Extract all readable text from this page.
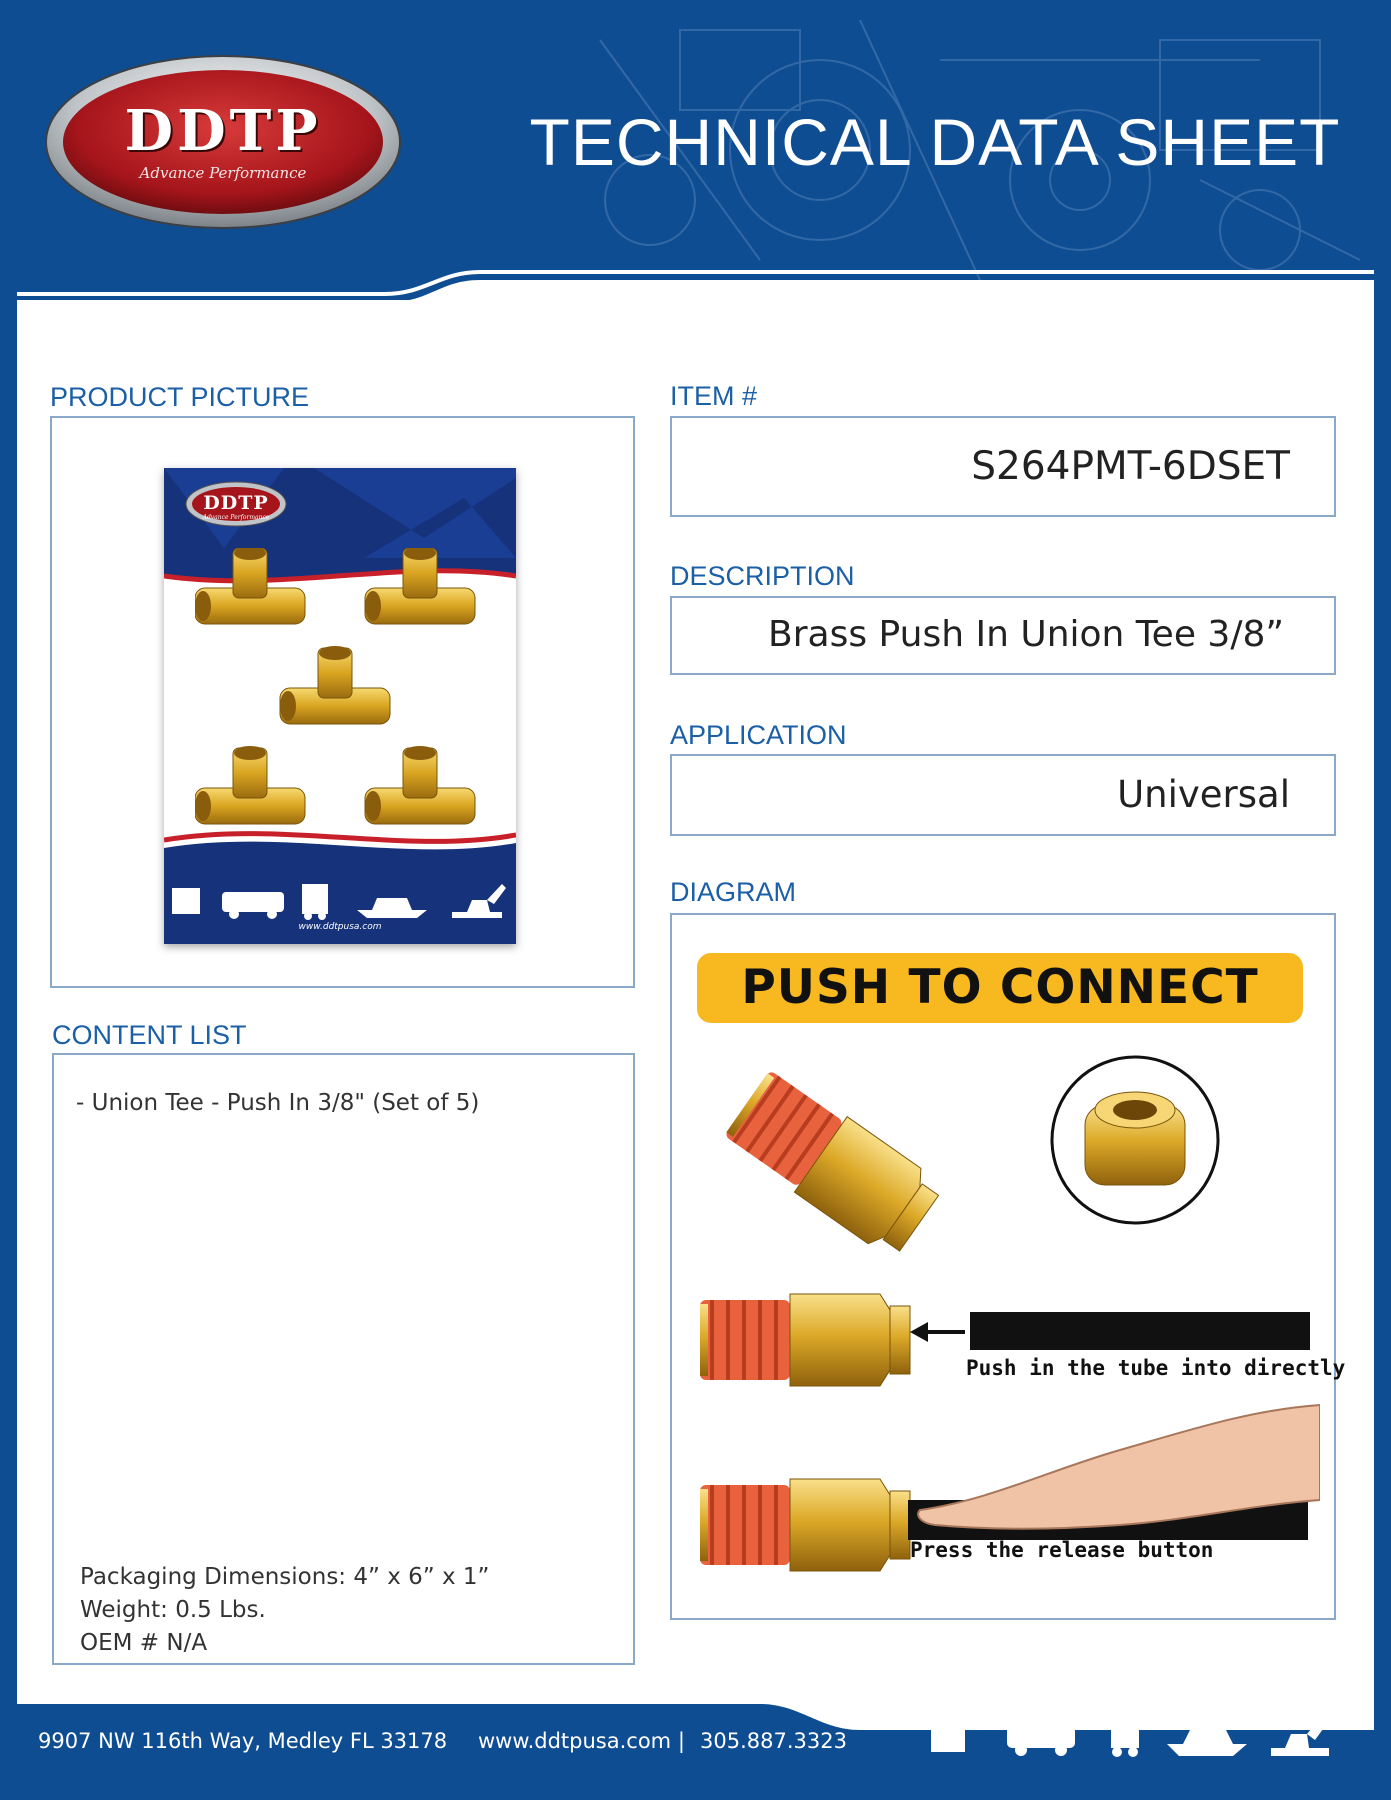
DDTP
Advance Performance	TECHNICAL DATA SHEET
PRODUCT PICTURE
DDTP
Advance Performance
www.ddtpusa.com
ITEM #
S264PMT-6DSET
DESCRIPTION
Brass Push In Union Tee 3/8”
APPLICATION
Universal
DIAGRAM
PUSH TO CONNECT
Push in the tube into directly
Press the release button
CONTENT LIST
- Union Tee - Push In 3/8" (Set of 5)
Packaging Dimensions: 4” x 6” x 1”
Weight: 0.5 Lbs.
OEM # N/A
9907 NW 116th Way, Medley FL 33178 www.ddtpusa.com | 305.887.3323
